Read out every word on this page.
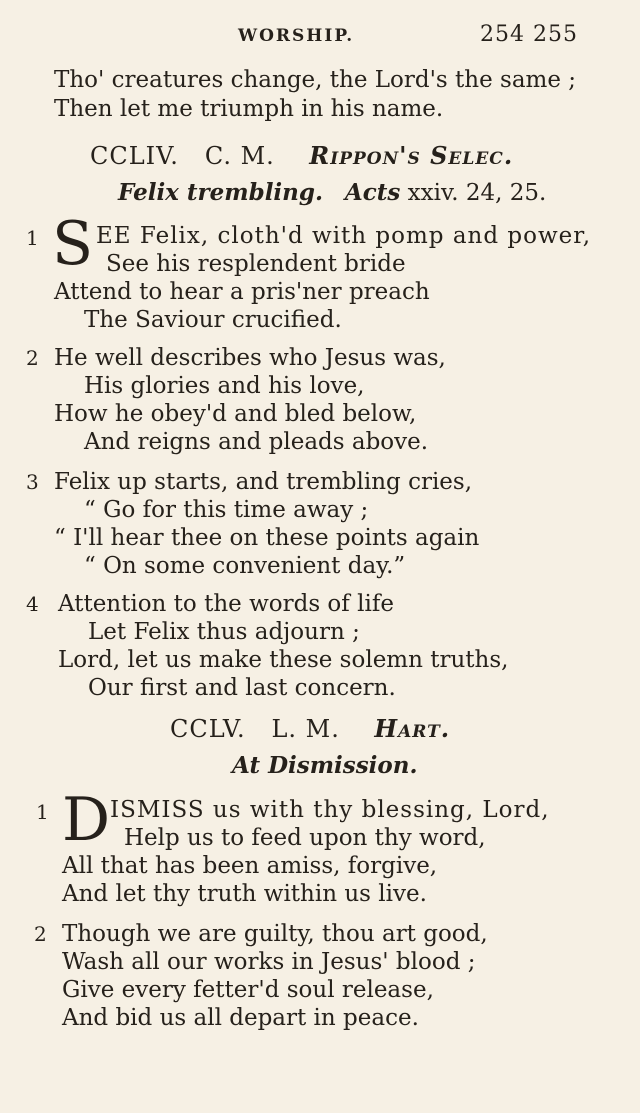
WORSHIP.	254 255
Tho' creatures change, the Lord's the same ;
Then let me triumph in his name.
CCLIV. C. M. Rippon's Selec.
Felix trembling. Acts xxiv. 24, 25.
1 S EE Felix, cloth'd with pomp and power,
See his resplendent bride
Attend to hear a pris'ner preach
The Saviour crucified.
2 He well describes who Jesus was,
His glories and his love,
How he obey'd and bled below,
And reigns and pleads above.
3 Felix up starts, and trembling cries,
“ Go for this time away ;
“ I'll hear thee on these points again
“ On some convenient day.”
4 Attention to the words of life
Let Felix thus adjourn ;
Lord, let us make these solemn truths,
Our first and last concern.
CCLV. L. M. Hart.
At Dismission.
1 D ISMISS us with thy blessing, Lord,
Help us to feed upon thy word,
All that has been amiss, forgive,
And let thy truth within us live.
2 Though we are guilty, thou art good,
Wash all our works in Jesus' blood ;
Give every fetter'd soul release,
And bid us all depart in peace.
